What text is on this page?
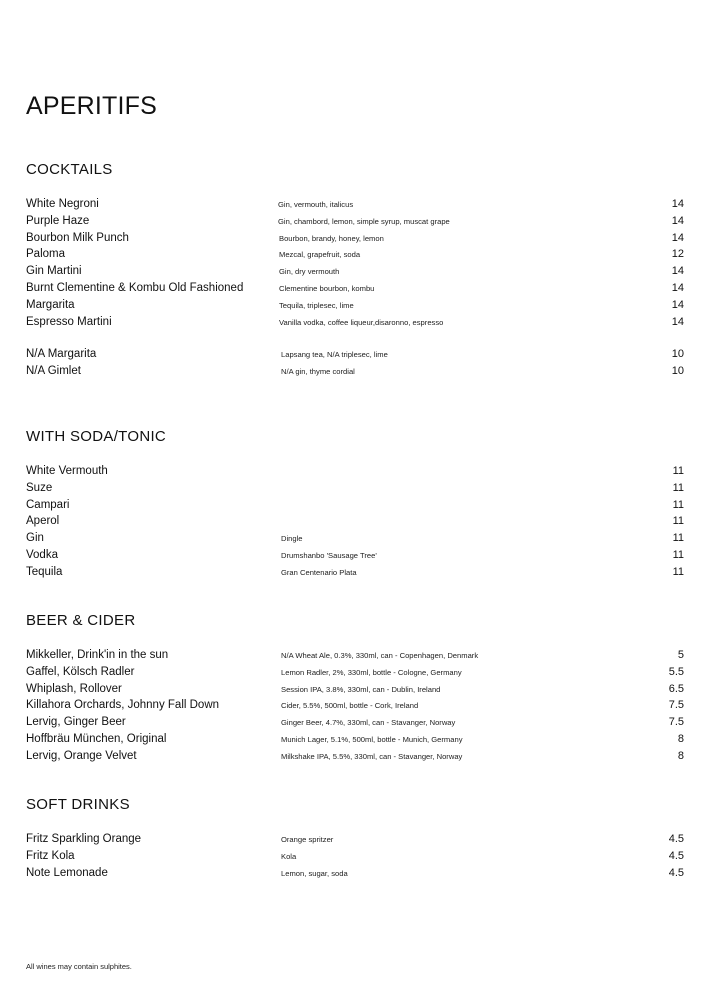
APERITIFS
COCKTAILS
White Negroni	Gin, vermouth, italicus	14
Purple Haze	Gin, chambord, lemon, simple syrup, muscat grape	14
Bourbon Milk Punch	Bourbon, brandy, honey, lemon	14
Paloma	Mezcal, grapefruit, soda	12
Gin Martini	Gin, dry vermouth	14
Burnt Clementine & Kombu Old Fashioned	Clementine bourbon, kombu	14
Margarita	Tequila, triplesec, lime	14
Espresso Martini	Vanilla vodka, coffee liqueur,disaronno, espresso	14
N/A Margarita	Lapsang tea, N/A triplesec, lime	10
N/A Gimlet	N/A gin, thyme cordial	10
WITH SODA/TONIC
White Vermouth	11
Suze	11
Campari	11
Aperol	11
Gin	Dingle	11
Vodka	Drumshanbo 'Sausage Tree'	11
Tequila	Gran Centenario Plata	11
BEER & CIDER
Mikkeller, Drink'in in the sun	N/A Wheat Ale, 0.3%, 330ml, can - Copenhagen, Denmark	5
Gaffel, Kölsch Radler	Lemon Radler, 2%, 330ml, bottle - Cologne, Germany	5.5
Whiplash, Rollover	Session IPA, 3.8%, 330ml, can - Dublin, Ireland	6.5
Killahora Orchards, Johnny Fall Down	Cider, 5.5%, 500ml, bottle - Cork, Ireland	7.5
Lervig, Ginger Beer	Ginger Beer, 4.7%, 330ml, can - Stavanger, Norway	7.5
Hoffbräu München, Original	Munich Lager, 5.1%, 500ml, bottle - Munich, Germany	8
Lervig, Orange Velvet	Milkshake IPA, 5.5%, 330ml, can - Stavanger, Norway	8
SOFT DRINKS
Fritz Sparkling Orange	Orange spritzer	4.5
Fritz Kola	Kola	4.5
Note Lemonade	Lemon, sugar, soda	4.5
All wines may contain sulphites.
